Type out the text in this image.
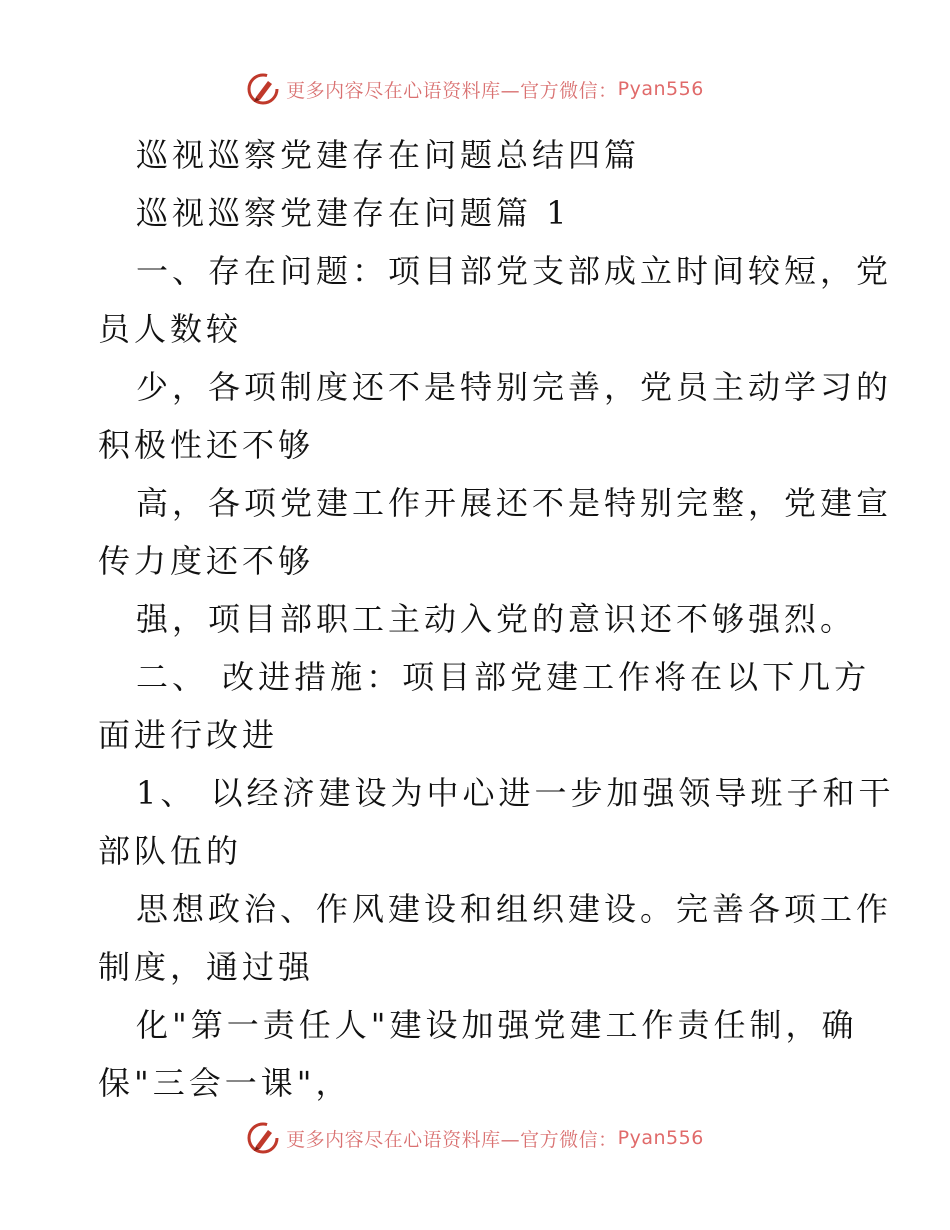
更多内容尽在心语资料库—官方微信： Pyan556
巡视巡察党建存在问题总结四篇
巡视巡察党建存在问题篇 1
一、存在问题：项目部党支部成立时间较短，党
员人数较
少，各项制度还不是特别完善，党员主动学习的
积极性还不够
高，各项党建工作开展还不是特别完整，党建宣
传力度还不够
强，项目部职工主动入党的意识还不够强烈。
二、 改进措施：项目部党建工作将在以下几方
面进行改进
1、 以经济建设为中心进一步加强领导班子和干
部队伍的
思想政治、作风建设和组织建设。完善各项工作
制度，通过强
化"第一责任人"建设加强党建工作责任制，确
保"三会一课"，
更多内容尽在心语资料库—官方微信： Pyan556
